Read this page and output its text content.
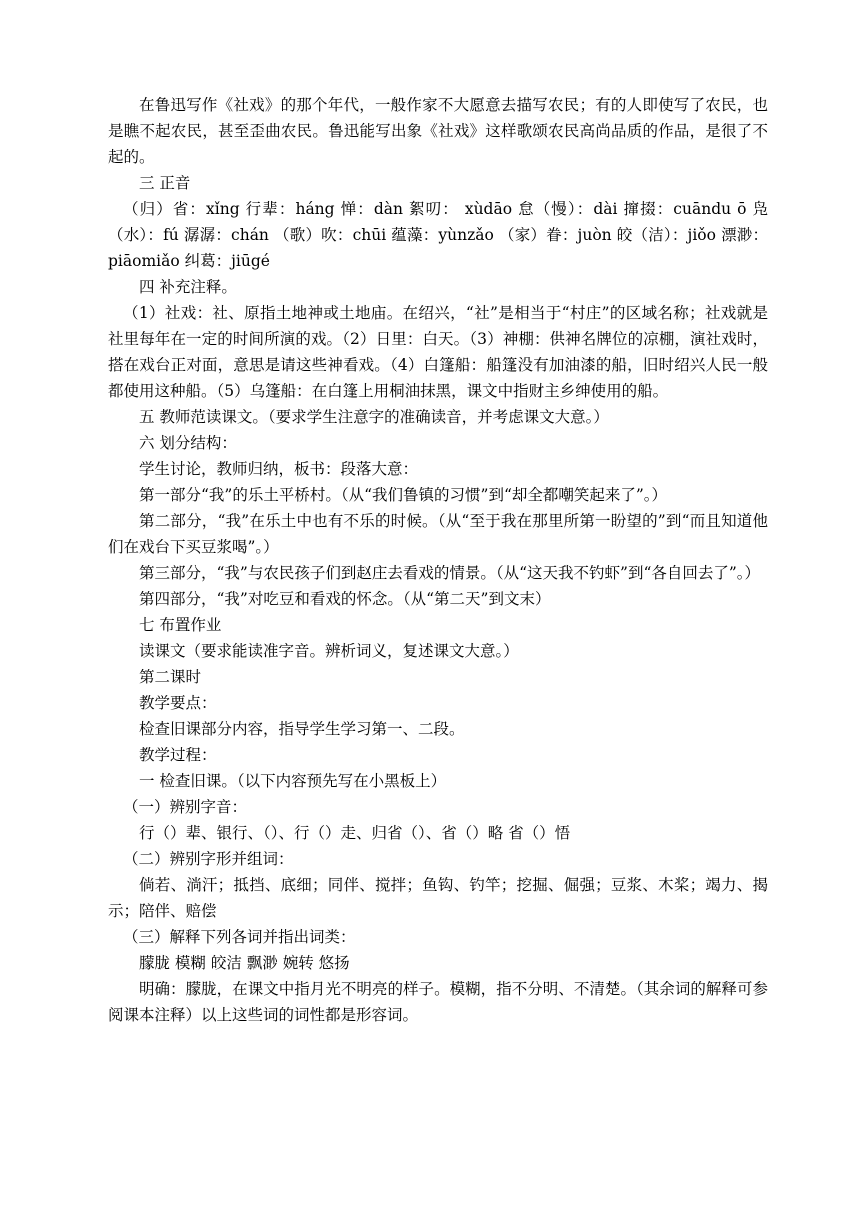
在鲁迅写作《社戏》的那个年代，一般作家不大愿意去描写农民；有的人即使写了农民，也是瞧不起农民，甚至歪曲农民。鲁迅能写出象《社戏》这样歌颂农民高尚品质的作品，是很了不起的。

三 正音

（归）省：xǐng 行辈：háng 惮：dàn 絮叨： xùdāo 怠（慢）：dài 撺掇：cuāndu ō 凫（水）：fú 潺潺：chán （歌）吹：chūi 蕴藻：yùnzǎo （家）眷：juòn 皎（洁）：jiǒo 漂渺：piāomiǎo 纠葛：jiūgé

四 补充注释。

（1）社戏：社、原指土地神或土地庙。在绍兴，“社”是相当于“村庄”的区域名称；社戏就是社里每年在一定的时间所演的戏。（2）日里：白天。（3）神棚：供神名牌位的凉棚，演社戏时，搭在戏台正对面，意思是请这些神看戏。（4）白篷船：船篷没有加油漆的船，旧时绍兴人民一般都使用这种船。（5）乌篷船：在白篷上用桐油抹黑，课文中指财主乡绅使用的船。

五 教师范读课文。（要求学生注意字的准确读音，并考虑课文大意。）

六 划分结构：

学生讨论，教师归纳，板书：段落大意：

第一部分“我”的乐土平桥村。（从“我们鲁镇的习惯”到“却全都嘲笑起来了”。）

第二部分，“我”在乐土中也有不乐的时候。（从“至于我在那里所第一盼望的”到“而且知道他们在戏台下买豆浆喝”。）

第三部分，“我”与农民孩子们到赵庄去看戏的情景。（从“这天我不钓虾”到“各自回去了”。）

第四部分，“我”对吃豆和看戏的怀念。（从“第二天”到文末）

七 布置作业

读课文（要求能读准字音。辨析词义，复述课文大意。）

第二课时

教学要点：

检查旧课部分内容，指导学生学习第一、二段。

教学过程：

一 检查旧课。（以下内容预先写在小黑板上）

（一）辨别字音：

行（）辈、银行、（）、行（）走、归省（）、省（）略 省（）悟

（二）辨别字形并组词：

倘若、淌汗；抵挡、底细；同伴、搅拌；鱼钩、钓竿；挖掘、倔强；豆浆、木桨；竭力、揭示；陪伴、赔偿

（三）解释下列各词并指出词类：

朦胧 模糊 皎洁 飘渺 婉转 悠扬

明确：朦胧，在课文中指月光不明亮的样子。模糊，指不分明、不清楚。（其余词的解释可参阅课本注释）以上这些词的词性都是形容词。
